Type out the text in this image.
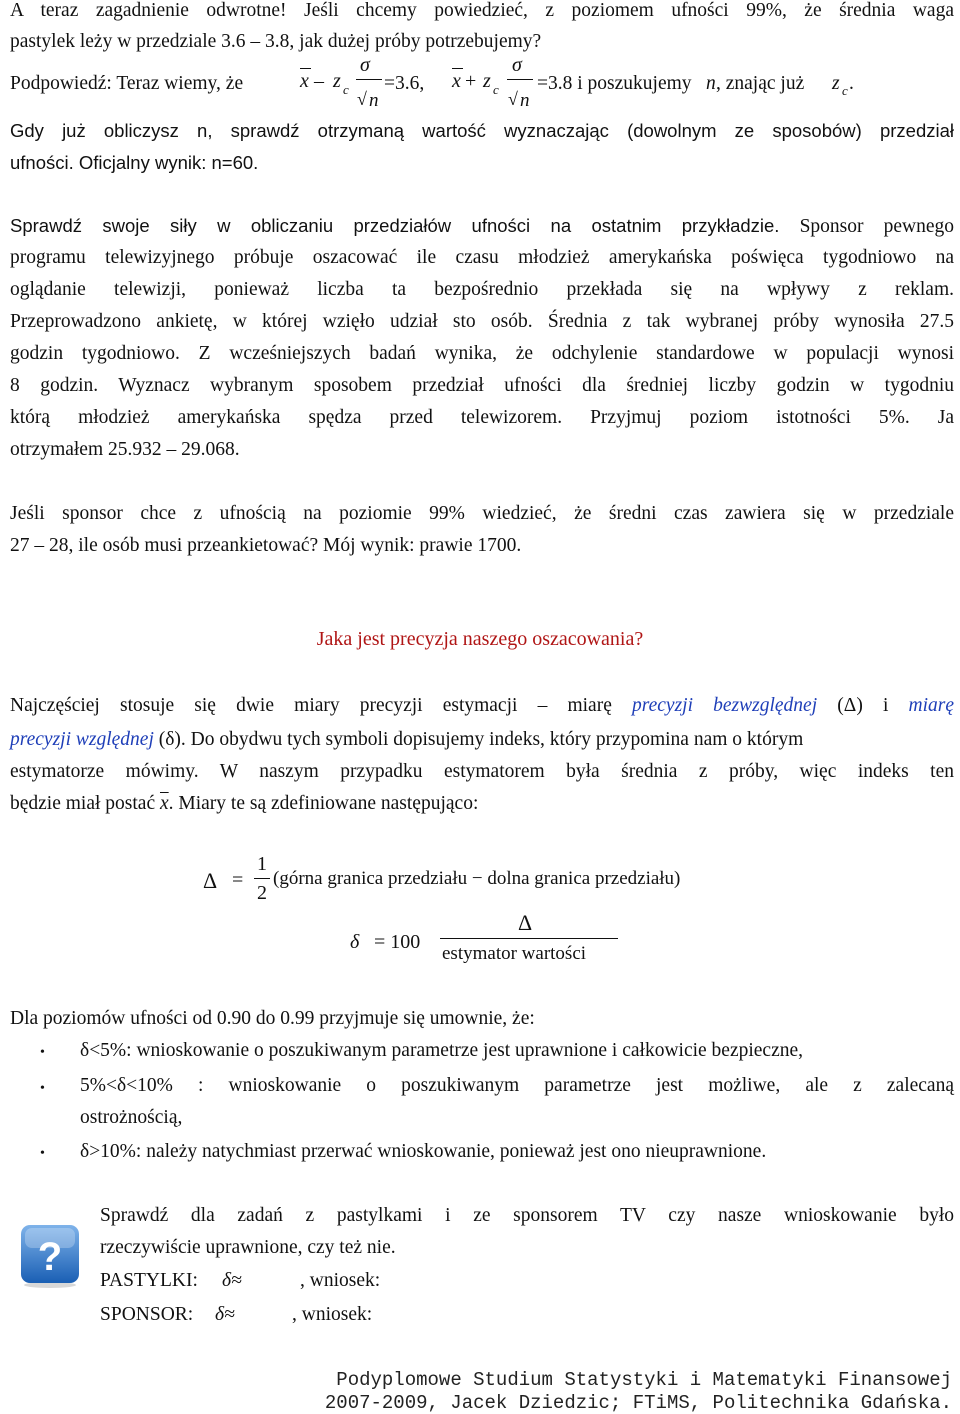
A teraz zagadnienie odwrotne! Jeśli chcemy powiedzieć, z poziomem ufności 99%, że średnia waga
pastylek leży w przedziale 3.6 – 3.8, jak dużej próby potrzebujemy?
Podpowiedź: Teraz wiemy, że	x – z c
σ
√ n
=3.6, x + z c
σ
√ n
=3.8 i poszukujemy n , znając już z c .
Gdy już obliczysz n, sprawdź otrzymaną wartość wyznaczając (dowolnym ze sposobów) przedział
ufności. Oficjalny wynik: n=60.
Sprawdź swoje siły w obliczaniu przedziałów ufności na ostatnim przykładzie. Sponsor pewnego
programu telewizyjnego próbuje oszacować ile czasu młodzież amerykańska poświęca tygodniowo na
oglądanie telewizji, ponieważ liczba ta bezpośrednio przekłada się na wpływy z reklam.
Przeprowadzono ankietę, w której wzięło udział sto osób. Średnia z tak wybranej próby wynosiła 27.5
godzin tygodniowo. Z wcześniejszych badań wynika, że odchylenie standardowe w populacji wynosi
8 godzin. Wyznacz wybranym sposobem przedział ufności dla średniej liczby godzin w tygodniu
którą młodzież amerykańska spędza przed telewizorem. Przyjmuj poziom istotności 5%. Ja
otrzymałem 25.932 – 29.068.
Jeśli sponsor chce z ufnością na poziomie 99% wiedzieć, że średni czas zawiera się w przedziale
27 – 28, ile osób musi przeankietować? Mój wynik: prawie 1700.
Jaka jest precyzja naszego oszacowania?
Najczęściej stosuje się dwie miary precyzji estymacji – miarę precyzji bezwzględnej (Δ) i miarę
precyzji względnej (δ). Do obydwu tych symboli dopisujemy indeks, który przypomina nam o którym
estymatorze mówimy. W naszym przypadku estymatorem była średnia z próby, więc indeks ten
będzie miał postać $\overline{x}$. Miary te są zdefiniowane następująco:
Δ =
1
2
(górna granica przedziału − dolna granica przedziału)
δ = 100
Δ
estymator wartości
Dla poziomów ufności od 0.90 do 0.99 przyjmuje się umownie, że:
• δ<5%: wnioskowanie o poszukiwanym parametrze jest uprawnione i całkowicie bezpieczne,
• 5%<δ<10% : wnioskowanie o poszukiwanym parametrze jest możliwe, ale z zalecaną
ostrożnością,
• δ>10%: należy natychmiast przerwać wnioskowanie, ponieważ jest ono nieuprawnione.
?
Sprawdź dla zadań z pastylkami i ze sponsorem TV czy nasze wnioskowanie było
rzeczywiście uprawnione, czy też nie.
PASTYLKI: δ≈	, wniosek:
SPONSOR: δ≈	, wniosek:
Podyplomowe Studium Statystyki i Matematyki Finansowej
2007-2009, Jacek Dziedzic; FTiMS, Politechnika Gdańska.
